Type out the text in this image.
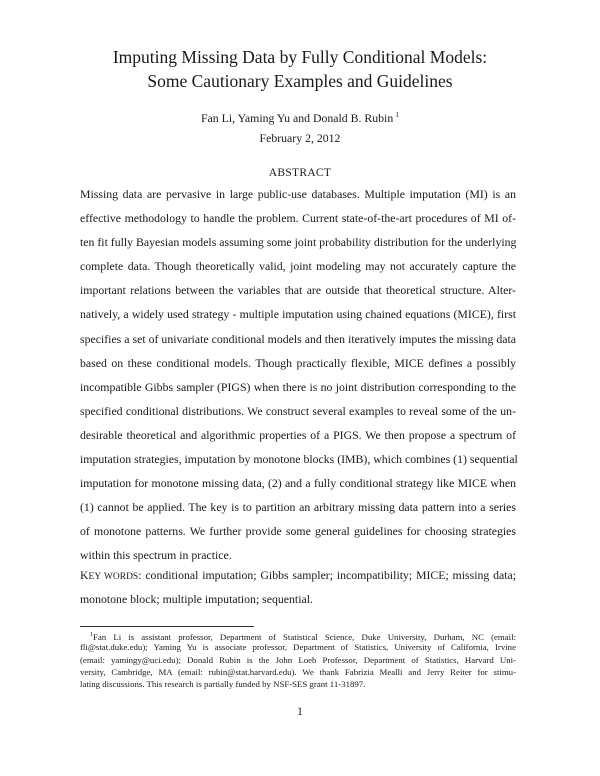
Imputing Missing Data by Fully Conditional Models:
Some Cautionary Examples and Guidelines
Fan Li, Yaming Yu and Donald B. Rubin $^1$
February 2, 2012
ABSTRACT
Missing data are pervasive in large public-use databases. Multiple imputation (MI) is an
effective methodology to handle the problem. Current state-of-the-art procedures of MI of-
ten fit fully Bayesian models assuming some joint probability distribution for the underlying
complete data. Though theoretically valid, joint modeling may not accurately capture the
important relations between the variables that are outside that theoretical structure. Alter-
natively, a widely used strategy - multiple imputation using chained equations (MICE), first
specifies a set of univariate conditional models and then iteratively imputes the missing data
based on these conditional models. Though practically flexible, MICE defines a possibly
incompatible Gibbs sampler (PIGS) when there is no joint distribution corresponding to the
specified conditional distributions. We construct several examples to reveal some of the un-
desirable theoretical and algorithmic properties of a PIGS. We then propose a spectrum of
imputation strategies, imputation by monotone blocks (IMB), which combines (1) sequential
imputation for monotone missing data, (2) and a fully conditional strategy like MICE when
(1) cannot be applied. The key is to partition an arbitrary missing data pattern into a series
of monotone patterns. We further provide some general guidelines for choosing strategies
within this spectrum in practice.
KEY WORDS: conditional imputation; Gibbs sampler; incompatibility; MICE; missing data;
monotone block; multiple imputation; sequential.
$^1$Fan Li is assistant professor, Department of Statistical Science, Duke University, Durham, NC (email:
fli@stat.duke.edu); Yaming Yu is associate professor, Department of Statistics, University of California, Irvine
(email: yamingy@uci.edu); Donald Rubin is the John Loeb Professor, Department of Statistics, Harvard Uni-
versity, Cambridge, MA (email: rubin@stat.harvard.edu). We thank Fabrizia Mealli and Jerry Reiter for stimu-
lating discussions. This research is partially funded by NSF-SES grant 11-31897.
1
